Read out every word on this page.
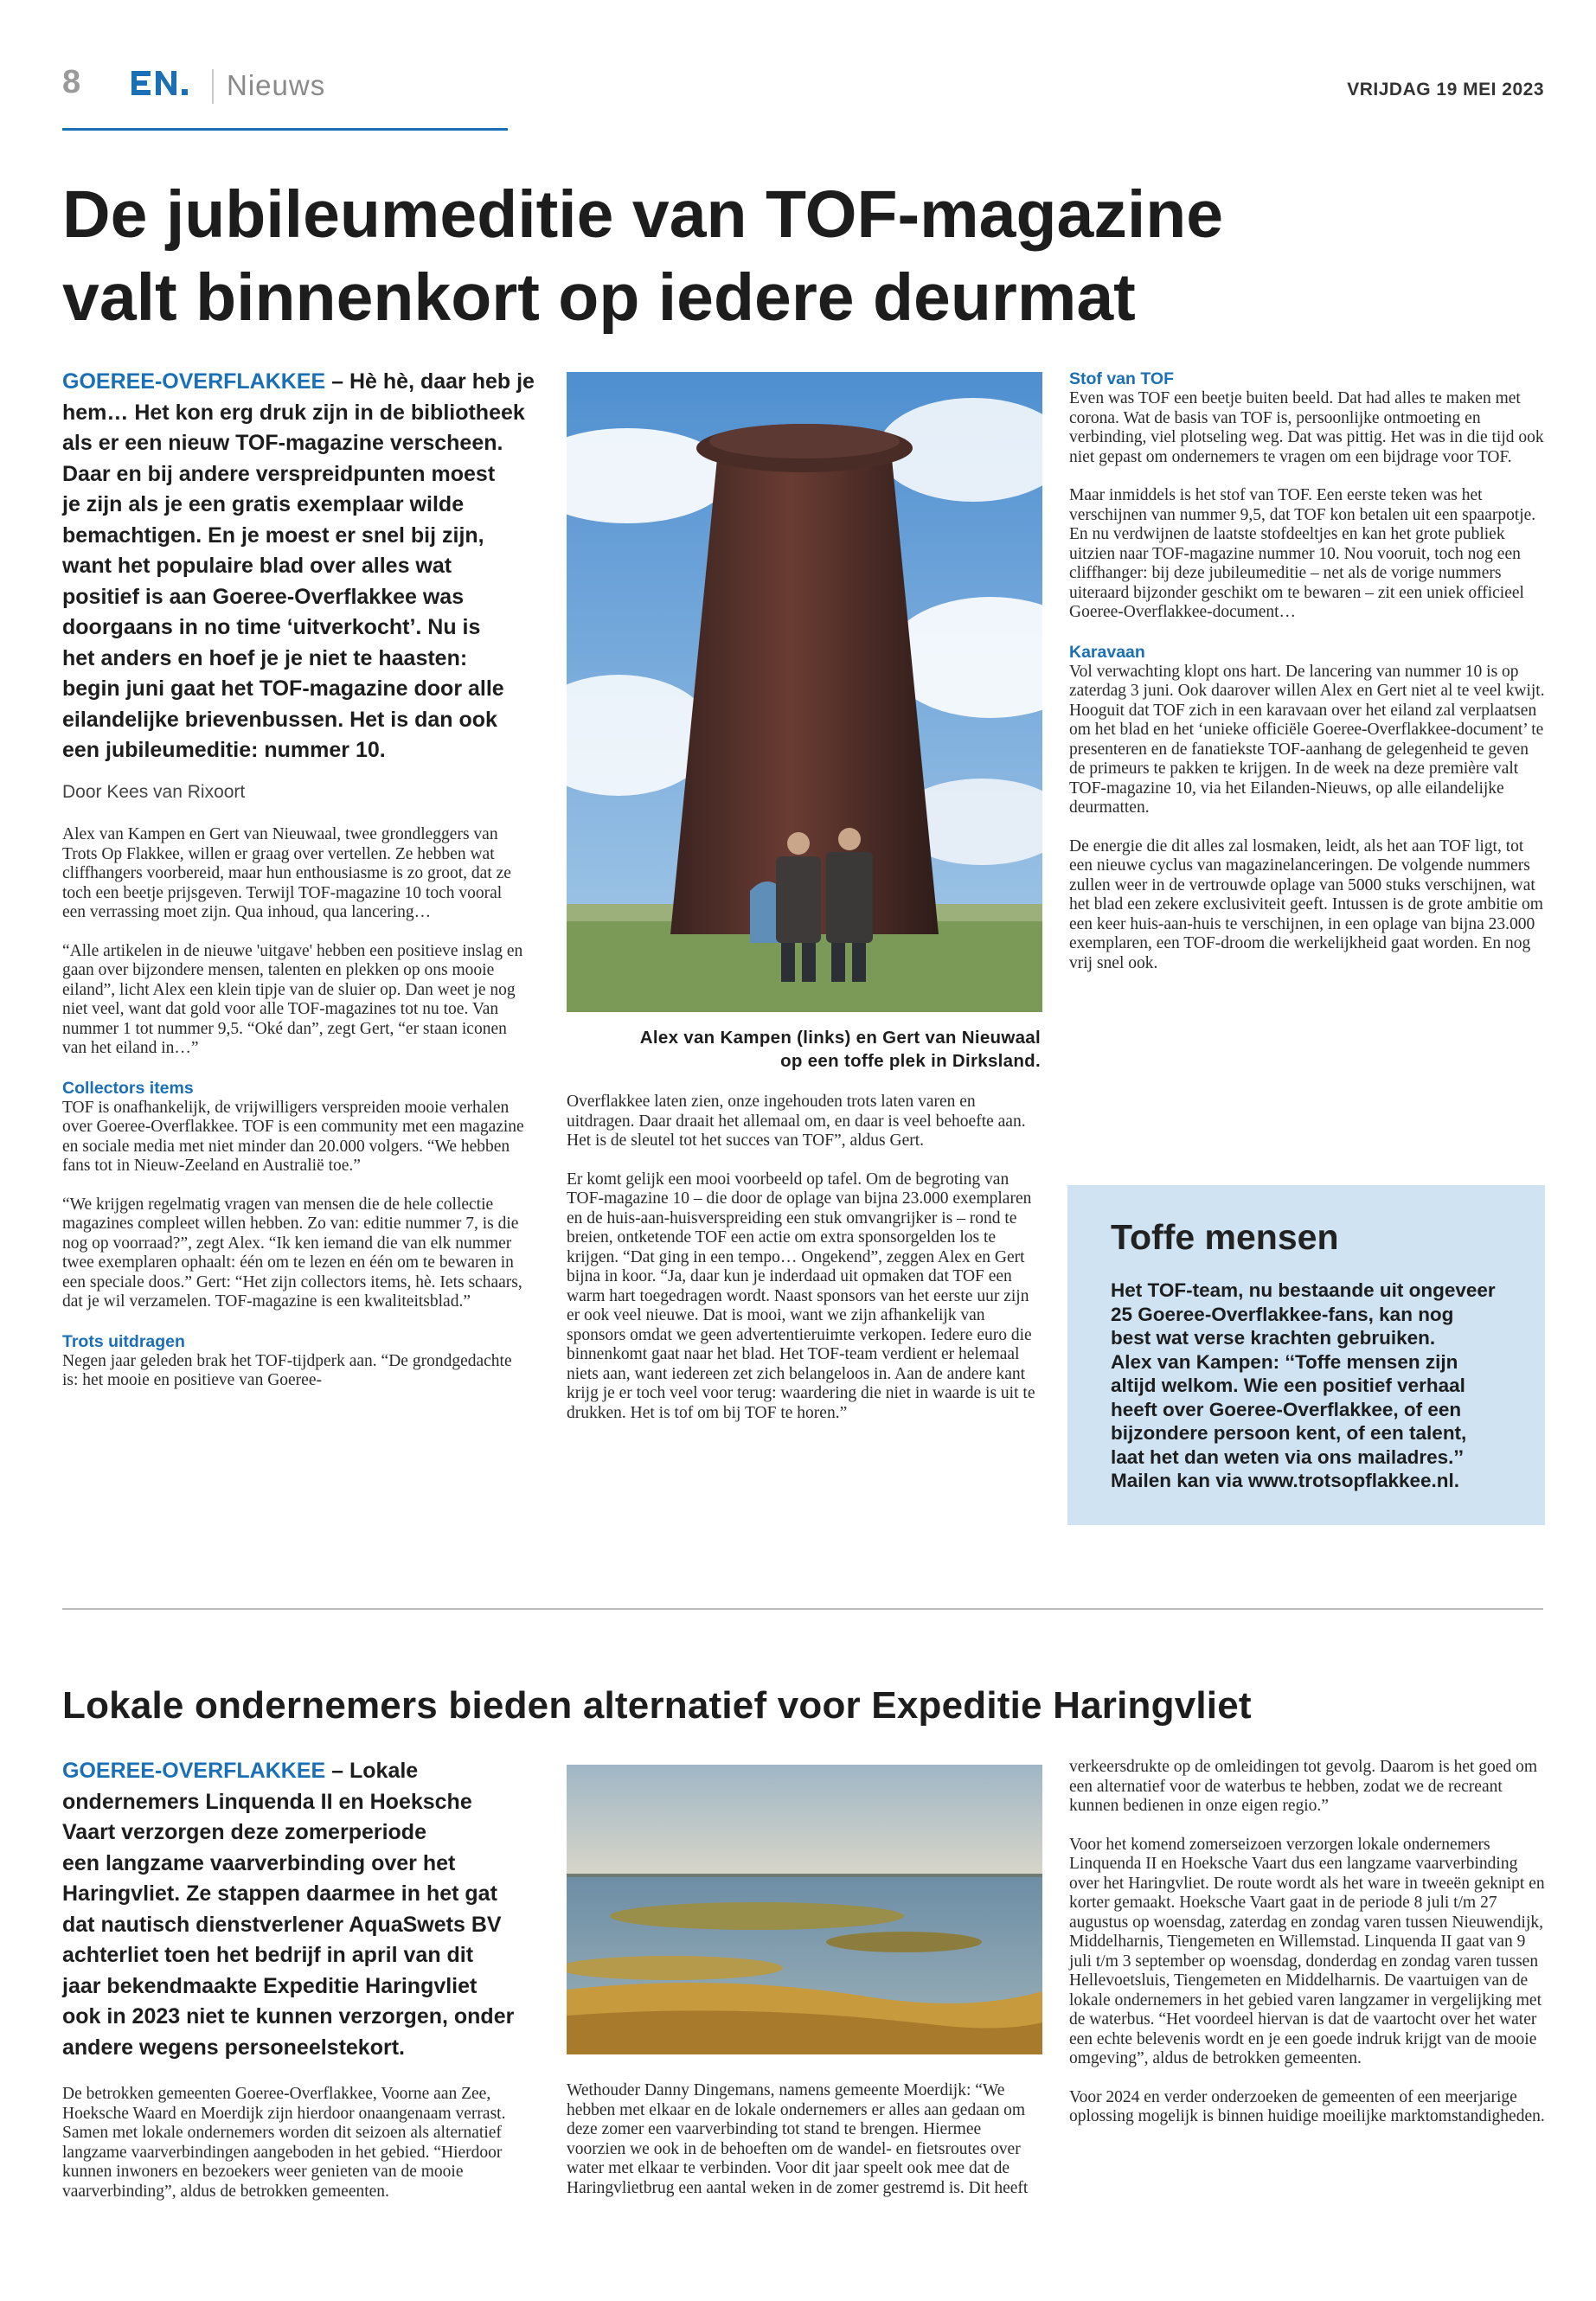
8	Nieuws	VRIJDAG 19 MEI 2023
De jubileumeditie van TOF-magazine
valt binnenkort op iedere deurmat
GOEREE-OVERFLAKKEE – Hè hè, daar heb je
hem… Het kon erg druk zijn in de bibliotheek
als er een nieuw TOF-magazine verscheen.
Daar en bij andere verspreidpunten moest
je zijn als je een gratis exemplaar wilde
bemachtigen. En je moest er snel bij zijn,
want het populaire blad over alles wat
positief is aan Goeree-Overflakkee was
doorgaans in no time ‘uitverkocht’. Nu is
het anders en hoef je je niet te haasten:
begin juni gaat het TOF-magazine door alle
eilandelijke brievenbussen. Het is dan ook
een jubileumeditie: nummer 10.
Door Kees van Rixoort

Alex van Kampen en Gert van Nieuwaal, twee grondleggers van Trots Op Flakkee, willen er graag over vertellen. Ze hebben wat cliffhangers voorbereid, maar hun enthousiasme is zo groot, dat ze toch een beetje prijsgeven. Terwijl TOF-magazine 10 toch vooral een verrassing moet zijn. Qua inhoud, qua lancering…

“Alle artikelen in de nieuwe 'uitgave' hebben een positieve inslag en gaan over bijzondere mensen, talenten en plekken op ons mooie eiland”, licht Alex een klein tipje van de sluier op. Dan weet je nog niet veel, want dat gold voor alle TOF-magazines tot nu toe. Van nummer 1 tot nummer 9,5. “Oké dan”, zegt Gert, “er staan iconen van het eiland in…”

Collectors items

TOF is onafhankelijk, de vrijwilligers verspreiden mooie verhalen over Goeree-Overflakkee. TOF is een community met een magazine en sociale media met niet minder dan 20.000 volgers. “We hebben fans tot in Nieuw-Zeeland en Australië toe.”

“We krijgen regelmatig vragen van mensen die de hele collectie magazines compleet willen hebben. Zo van: editie nummer 7, is die nog op voorraad?”, zegt Alex. “Ik ken iemand die van elk nummer twee exemplaren ophaalt: één om te lezen en één om te bewaren in een speciale doos.” Gert: “Het zijn collectors items, hè. Iets schaars, dat je wil verzamelen. TOF-magazine is een kwaliteitsblad.”

Trots uitdragen

Negen jaar geleden brak het TOF-tijdperk aan. “De grondgedachte is: het mooie en positieve van Goeree-

Alex van Kampen (links) en Gert van Nieuwaal
op een toffe plek in Dirksland.

Overflakkee laten zien, onze ingehouden trots laten varen en uitdragen. Daar draait het allemaal om, en daar is veel behoefte aan. Het is de sleutel tot het succes van TOF”, aldus Gert.

Er komt gelijk een mooi voorbeeld op tafel. Om de begroting van TOF-magazine 10 – die door de oplage van bijna 23.000 exemplaren en de huis-aan-huisverspreiding een stuk omvangrijker is – rond te breien, ontketende TOF een actie om extra sponsorgelden los te krijgen. “Dat ging in een tempo… Ongekend”, zeggen Alex en Gert bijna in koor. “Ja, daar kun je inderdaad uit opmaken dat TOF een warm hart toegedragen wordt. Naast sponsors van het eerste uur zijn er ook veel nieuwe. Dat is mooi, want we zijn afhankelijk van sponsors omdat we geen advertentieruimte verkopen. Iedere euro die binnenkomt gaat naar het blad. Het TOF-team verdient er helemaal niets aan, want iedereen zet zich belangeloos in. Aan de andere kant krijg je er toch veel voor terug: waardering die niet in waarde is uit te drukken. Het is tof om bij TOF te horen.”

Stof van TOF

Even was TOF een beetje buiten beeld. Dat had alles te maken met corona. Wat de basis van TOF is, persoonlijke ontmoeting en verbinding, viel plotseling weg. Dat was pittig. Het was in die tijd ook niet gepast om ondernemers te vragen om een bijdrage voor TOF.

Maar inmiddels is het stof van TOF. Een eerste teken was het verschijnen van nummer 9,5, dat TOF kon betalen uit een spaarpotje. En nu verdwijnen de laatste stofdeeltjes en kan het grote publiek uitzien naar TOF-magazine nummer 10. Nou vooruit, toch nog een cliffhanger: bij deze jubileumeditie – net als de vorige nummers uiteraard bijzonder geschikt om te bewaren – zit een uniek officieel Goeree-Overflakkee-document…

Karavaan

Vol verwachting klopt ons hart. De lancering van nummer 10 is op zaterdag 3 juni. Ook daarover willen Alex en Gert niet al te veel kwijt. Hooguit dat TOF zich in een karavaan over het eiland zal verplaatsen om het blad en het ‘unieke officiële Goeree-Overflakkee-document’ te presenteren en de fanatiekste TOF-aanhang de gelegenheid te geven de primeurs te pakken te krijgen. In de week na deze première valt TOF-magazine 10, via het Eilanden-Nieuws, op alle eilandelijke deurmatten.

De energie die dit alles zal losmaken, leidt, als het aan TOF ligt, tot een nieuwe cyclus van magazinelanceringen. De volgende nummers zullen weer in de vertrouwde oplage van 5000 stuks verschijnen, wat het blad een zekere exclusiviteit geeft. Intussen is de grote ambitie om een keer huis-aan-huis te verschijnen, in een oplage van bijna 23.000 exemplaren, een TOF-droom die werkelijkheid gaat worden. En nog vrij snel ook.

Toffe mensen
Het TOF-team, nu bestaande uit ongeveer
25 Goeree-Overflakkee-fans, kan nog
best wat verse krachten gebruiken.
Alex van Kampen: ‘‘Toffe mensen zijn
altijd welkom. Wie een positief verhaal
heeft over Goeree-Overflakkee, of een
bijzondere persoon kent, of een talent,
laat het dan weten via ons mailadres.’’
Mailen kan via www.trotsopflakkee.nl.
Lokale ondernemers bieden alternatief voor Expeditie Haringvliet
GOEREE-OVERFLAKKEE – Lokale
ondernemers Linquenda II en Hoeksche
Vaart verzorgen deze zomerperiode
een langzame vaarverbinding over het
Haringvliet. Ze stappen daarmee in het gat
dat nautisch dienstverlener AquaSwets BV
achterliet toen het bedrijf in april van dit
jaar bekendmaakte Expeditie Haringvliet
ook in 2023 niet te kunnen verzorgen, onder
andere wegens personeelstekort.

De betrokken gemeenten Goeree-Overflakkee, Voorne aan Zee, Hoeksche Waard en Moerdijk zijn hierdoor onaangenaam verrast. Samen met lokale ondernemers worden dit seizoen als alternatief langzame vaarverbindingen aangeboden in het gebied. “Hierdoor kunnen inwoners en bezoekers weer genieten van de mooie vaarverbinding”, aldus de betrokken gemeenten.

Wethouder Danny Dingemans, namens gemeente Moerdijk: “We hebben met elkaar en de lokale ondernemers er alles aan gedaan om deze zomer een vaarverbinding tot stand te brengen. Hiermee voorzien we ook in de behoeften om de wandel- en fietsroutes over water met elkaar te verbinden. Voor dit jaar speelt ook mee dat de Haringvlietbrug een aantal weken in de zomer gestremd is. Dit heeft

verkeersdrukte op de omleidingen tot gevolg. Daarom is het goed om een alternatief voor de waterbus te hebben, zodat we de recreant kunnen bedienen in onze eigen regio.”

Voor het komend zomerseizoen verzorgen lokale ondernemers Linquenda II en Hoeksche Vaart dus een langzame vaarverbinding over het Haringvliet. De route wordt als het ware in tweeën geknipt en korter gemaakt. Hoeksche Vaart gaat in de periode 8 juli t/m 27 augustus op woensdag, zaterdag en zondag varen tussen Nieuwendijk, Middelharnis, Tiengemeten en Willemstad. Linquenda II gaat van 9 juli t/m 3 september op woensdag, donderdag en zondag varen tussen Hellevoetsluis, Tiengemeten en Middelharnis. De vaartuigen van de lokale ondernemers in het gebied varen langzamer in vergelijking met de waterbus. “Het voordeel hiervan is dat de vaartocht over het water een echte belevenis wordt en je een goede indruk krijgt van de mooie omgeving”, aldus de betrokken gemeenten.

Voor 2024 en verder onderzoeken de gemeenten of een meerjarige oplossing mogelijk is binnen huidige moeilijke marktomstandigheden.
